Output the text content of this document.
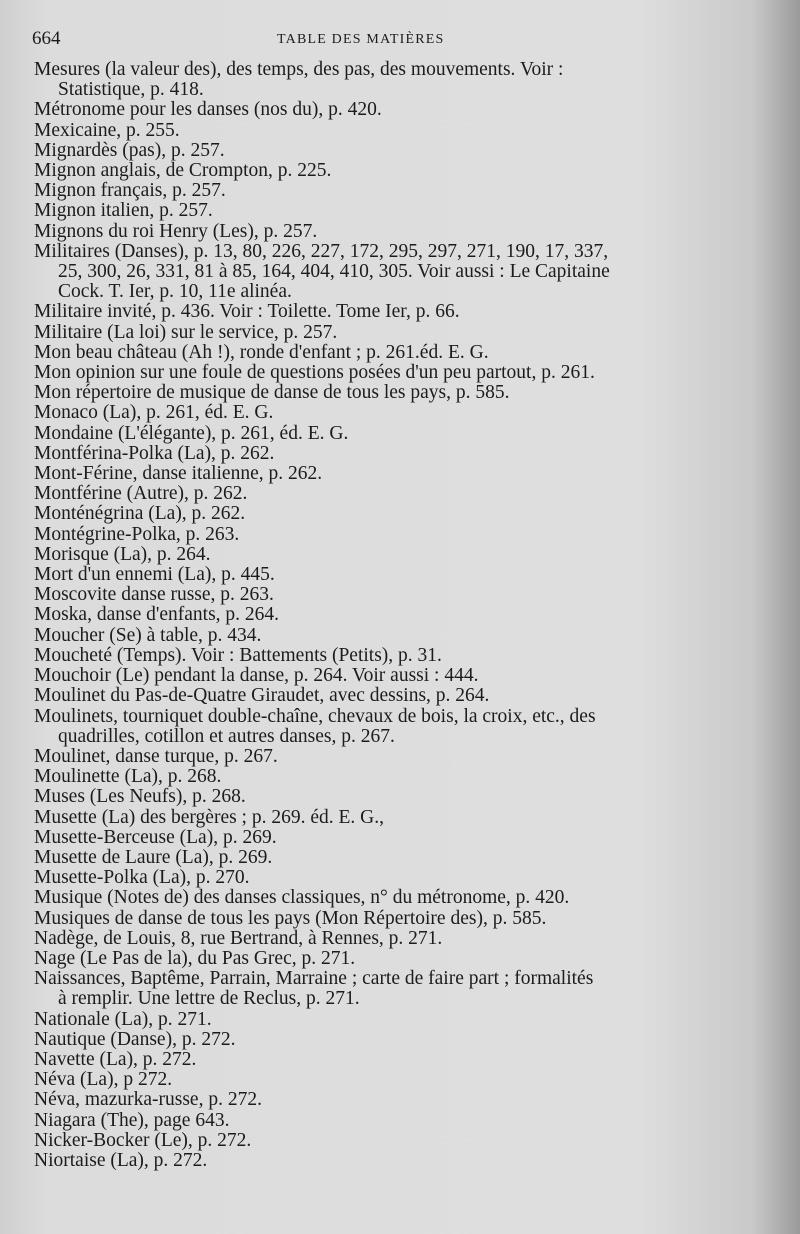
664	TABLE DES MATIÈRES
Mesures (la valeur des), des temps, des pas, des mouvements. Voir :
Statistique, p. 418.
Métronome pour les danses (nos du), p. 420.
Mexicaine, p. 255.
Mignardès (pas), p. 257.
Mignon anglais, de Crompton, p. 225.
Mignon français, p. 257.
Mignon italien, p. 257.
Mignons du roi Henry (Les), p. 257.
Militaires (Danses), p. 13, 80, 226, 227, 172, 295, 297, 271, 190, 17, 337,
25, 300, 26, 331, 81 à 85, 164, 404, 410, 305. Voir aussi : Le Capitaine
Cock. T. Ier, p. 10, 11e alinéa.
Militaire invité, p. 436. Voir : Toilette. Tome Ier, p. 66.
Militaire (La loi) sur le service, p. 257.
Mon beau château (Ah !), ronde d'enfant ; p. 261.éd. E. G.
Mon opinion sur une foule de questions posées d'un peu partout, p. 261.
Mon répertoire de musique de danse de tous les pays, p. 585.
Monaco (La), p. 261, éd. E. G.
Mondaine (L'élégante), p. 261, éd. E. G.
Montférina-Polka (La), p. 262.
Mont-Férine, danse italienne, p. 262.
Montférine (Autre), p. 262.
Monténégrina (La), p. 262.
Montégrine-Polka, p. 263.
Morisque (La), p. 264.
Mort d'un ennemi (La), p. 445.
Moscovite danse russe, p. 263.
Moska, danse d'enfants, p. 264.
Moucher (Se) à table, p. 434.
Moucheté (Temps). Voir : Battements (Petits), p. 31.
Mouchoir (Le) pendant la danse, p. 264. Voir aussi : 444.
Moulinet du Pas-de-Quatre Giraudet, avec dessins, p. 264.
Moulinets, tourniquet double-chaîne, chevaux de bois, la croix, etc., des
quadrilles, cotillon et autres danses, p. 267.
Moulinet, danse turque, p. 267.
Moulinette (La), p. 268.
Muses (Les Neufs), p. 268.
Musette (La) des bergères ; p. 269. éd. E. G.,
Musette-Berceuse (La), p. 269.
Musette de Laure (La), p. 269.
Musette-Polka (La), p. 270.
Musique (Notes de) des danses classiques, n° du métronome, p. 420.
Musiques de danse de tous les pays (Mon Répertoire des), p. 585.
Nadège, de Louis, 8, rue Bertrand, à Rennes, p. 271.
Nage (Le Pas de la), du Pas Grec, p. 271.
Naissances, Baptême, Parrain, Marraine ; carte de faire part ; formalités
à remplir. Une lettre de Reclus, p. 271.
Nationale (La), p. 271.
Nautique (Danse), p. 272.
Navette (La), p. 272.
Néva (La), p 272.
Néva, mazurka-russe, p. 272.
Niagara (The), page 643.
Nicker-Bocker (Le), p. 272.
Niortaise (La), p. 272.
